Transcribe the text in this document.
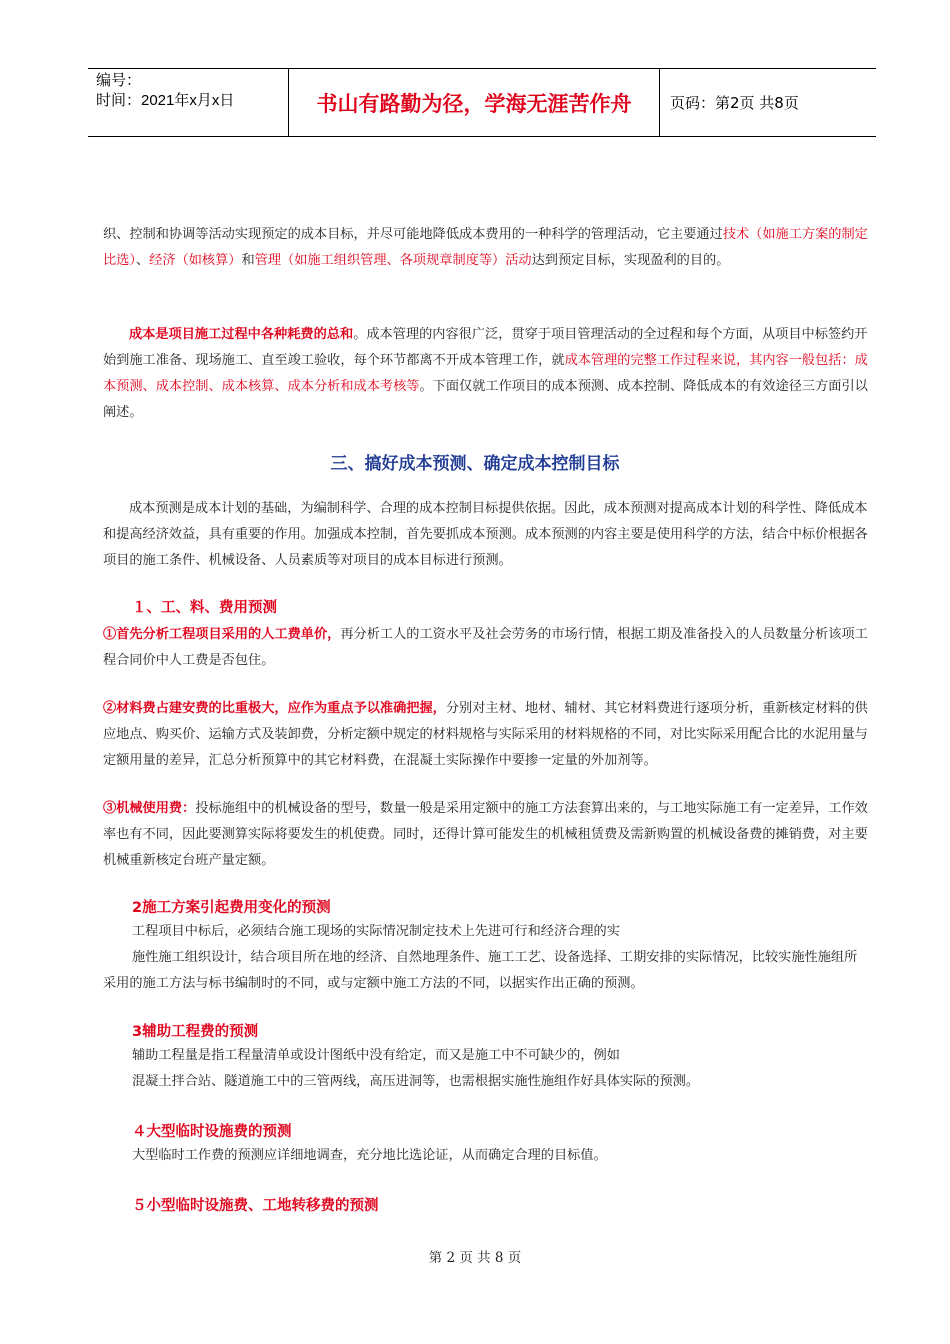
编号：
时间：2021年x月x日	书山有路勤为径，学海无涯苦作舟	页码：第2页 共8页
织、控制和协调等活动实现预定的成本目标，并尽可能地降低成本费用的一种科学的管理活动，它主要通过技术（如施工方案的制定比选）、经济（如核算）和管理（如施工组织管理、各项规章制度等）活动达到预定目标，实现盈利的目的。
成本是项目施工过程中各种耗费的总和。成本管理的内容很广泛，贯穿于项目管理活动的全过程和每个方面，从项目中标签约开始到施工准备、现场施工、直至竣工验收，每个环节都离不开成本管理工作，就成本管理的完整工作过程来说，其内容一般包括：成本预测、成本控制、成本核算、成本分析和成本考核等。下面仅就工作项目的成本预测、成本控制、降低成本的有效途径三方面引以阐述。
三、搞好成本预测、确定成本控制目标
成本预测是成本计划的基础，为编制科学、合理的成本控制目标提供依据。因此，成本预测对提高成本计划的科学性、降低成本和提高经济效益，具有重要的作用。加强成本控制，首先要抓成本预测。成本预测的内容主要是使用科学的方法，结合中标价根据各项目的施工条件、机械设备、人员素质等对项目的成本目标进行预测。
１、工、料、费用预测
①首先分析工程项目采用的人工费单价，再分析工人的工资水平及社会劳务的市场行情，根据工期及准备投入的人员数量分析该项工程合同价中人工费是否包住。
②材料费占建安费的比重极大，应作为重点予以准确把握，分别对主材、地材、辅材、其它材料费进行逐项分析，重新核定材料的供应地点、购买价、运输方式及装卸费，分析定额中规定的材料规格与实际采用的材料规格的不同，对比实际采用配合比的水泥用量与定额用量的差异，汇总分析预算中的其它材料费，在混凝土实际操作中要掺一定量的外加剂等。
③机械使用费：投标施组中的机械设备的型号，数量一般是采用定额中的施工方法套算出来的，与工地实际施工有一定差异，工作效率也有不同，因此要测算实际将要发生的机使费。同时，还得计算可能发生的机械租赁费及需新购置的机械设备费的摊销费，对主要机械重新核定台班产量定额。
2施工方案引起费用变化的预测
工程项目中标后，必须结合施工现场的实际情况制定技术上先进可行和经济合理的实
施性施工组织设计，结合项目所在地的经济、自然地理条件、施工工艺、设备选择、工期安排的实际情况，比较实施性施组所采用的施工方法与标书编制时的不同，或与定额中施工方法的不同，以据实作出正确的预测。
3辅助工程费的预测
辅助工程量是指工程量清单或设计图纸中没有给定，而又是施工中不可缺少的，例如
混凝土拌合站、隧道施工中的三管两线，高压进洞等，也需根据实施性施组作好具体实际的预测。
４大型临时设施费的预测
大型临时工作费的预测应详细地调查，充分地比选论证，从而确定合理的目标值。
５小型临时设施费、工地转移费的预测
第 2 页 共 8 页
